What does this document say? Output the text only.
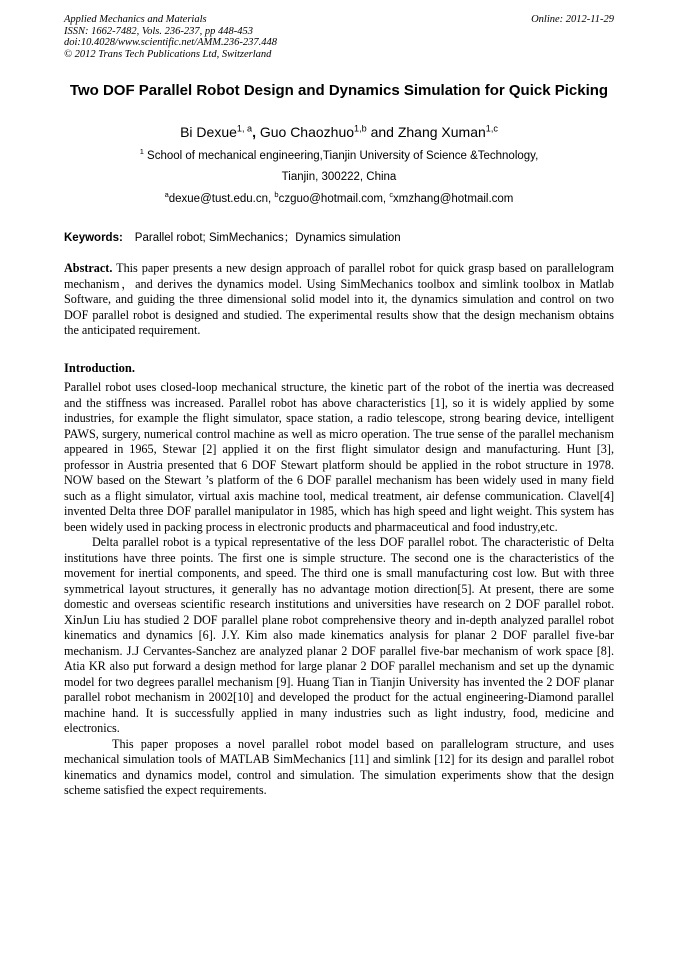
Applied Mechanics and Materials
ISSN: 1662-7482, Vols. 236-237, pp 448-453
doi:10.4028/www.scientific.net/AMM.236-237.448
© 2012 Trans Tech Publications Ltd, Switzerland
Online: 2012-11-29
Two DOF Parallel Robot Design and Dynamics Simulation for Quick Picking
Bi Dexue$^{1, a}$, Guo Chaozhuo$^{1,b}$ and Zhang Xuman$^{1,c}$
$^1$ School of mechanical engineering,Tianjin University of Science &Technology,
Tianjin, 300222, China
$^a$dexue@tust.edu.cn, $^b$czguo@hotmail.com, $^c$xmzhang@hotmail.com
Keywords: Parallel robot; SimMechanics；Dynamics simulation
Abstract. This paper presents a new design approach of parallel robot for quick grasp based on parallelogram mechanism，and derives the dynamics model. Using SimMechanics toolbox and simlink toolbox in Matlab Software, and guiding the three dimensional solid model into it, the dynamics simulation and control on two DOF parallel robot is designed and studied. The experimental results show that the design mechanism obtains the anticipated requirement.
Introduction.

Parallel robot uses closed-loop mechanical structure, the kinetic part of the robot of the inertia was decreased and the stiffness was increased. Parallel robot has above characteristics [1], so it is widely applied by some industries, for example the flight simulator, space station, a radio telescope, strong bearing device, intelligent PAWS, surgery, numerical control machine as well as micro operation. The true sense of the parallel mechanism appeared in 1965, Stewar [2] applied it on the first flight simulator design and manufacturing. Hunt [3], professor in Austria presented that 6 DOF Stewart platform should be applied in the robot structure in 1978. NOW based on the Stewart ’s platform of the 6 DOF parallel mechanism has been widely used in many field such as a flight simulator, virtual axis machine tool, medical treatment, air defense communication. Clavel[4] invented Delta three DOF parallel manipulator in 1985, which has high speed and light weight. This system has been widely used in packing process in electronic products and pharmaceutical and food industry,etc.

Delta parallel robot is a typical representative of the less DOF parallel robot. The characteristic of Delta institutions have three points. The first one is simple structure. The second one is the characteristics of the movement for inertial components, and speed. The third one is small manufacturing cost low. But with three symmetrical layout structures, it generally has no advantage motion direction[5]. At present, there are some domestic and overseas scientific research institutions and universities have research on 2 DOF parallel robot. XinJun Liu has studied 2 DOF parallel plane robot comprehensive theory and in-depth analyzed parallel robot kinematics and dynamics [6]. J.Y. Kim also made kinematics analysis for planar 2 DOF parallel five-bar mechanism. J.J Cervantes-Sanchez are analyzed planar 2 DOF parallel five-bar mechanism of work space [8]. Atia KR also put forward a design method for large planar 2 DOF parallel mechanism and set up the dynamic model for two degrees parallel mechanism [9]. Huang Tian in Tianjin University has invented the 2 DOF planar parallel robot mechanism in 2002[10] and developed the product for the actual engineering-Diamond parallel machine hand. It is successfully applied in many industries such as light industry, food, medicine and electronics.

This paper proposes a novel parallel robot model based on parallelogram structure, and uses mechanical simulation tools of MATLAB SimMechanics [11] and simlink [12] for its design and parallel robot kinematics and dynamics model, control and simulation. The simulation experiments show that the design scheme satisfied the expect requirements.
